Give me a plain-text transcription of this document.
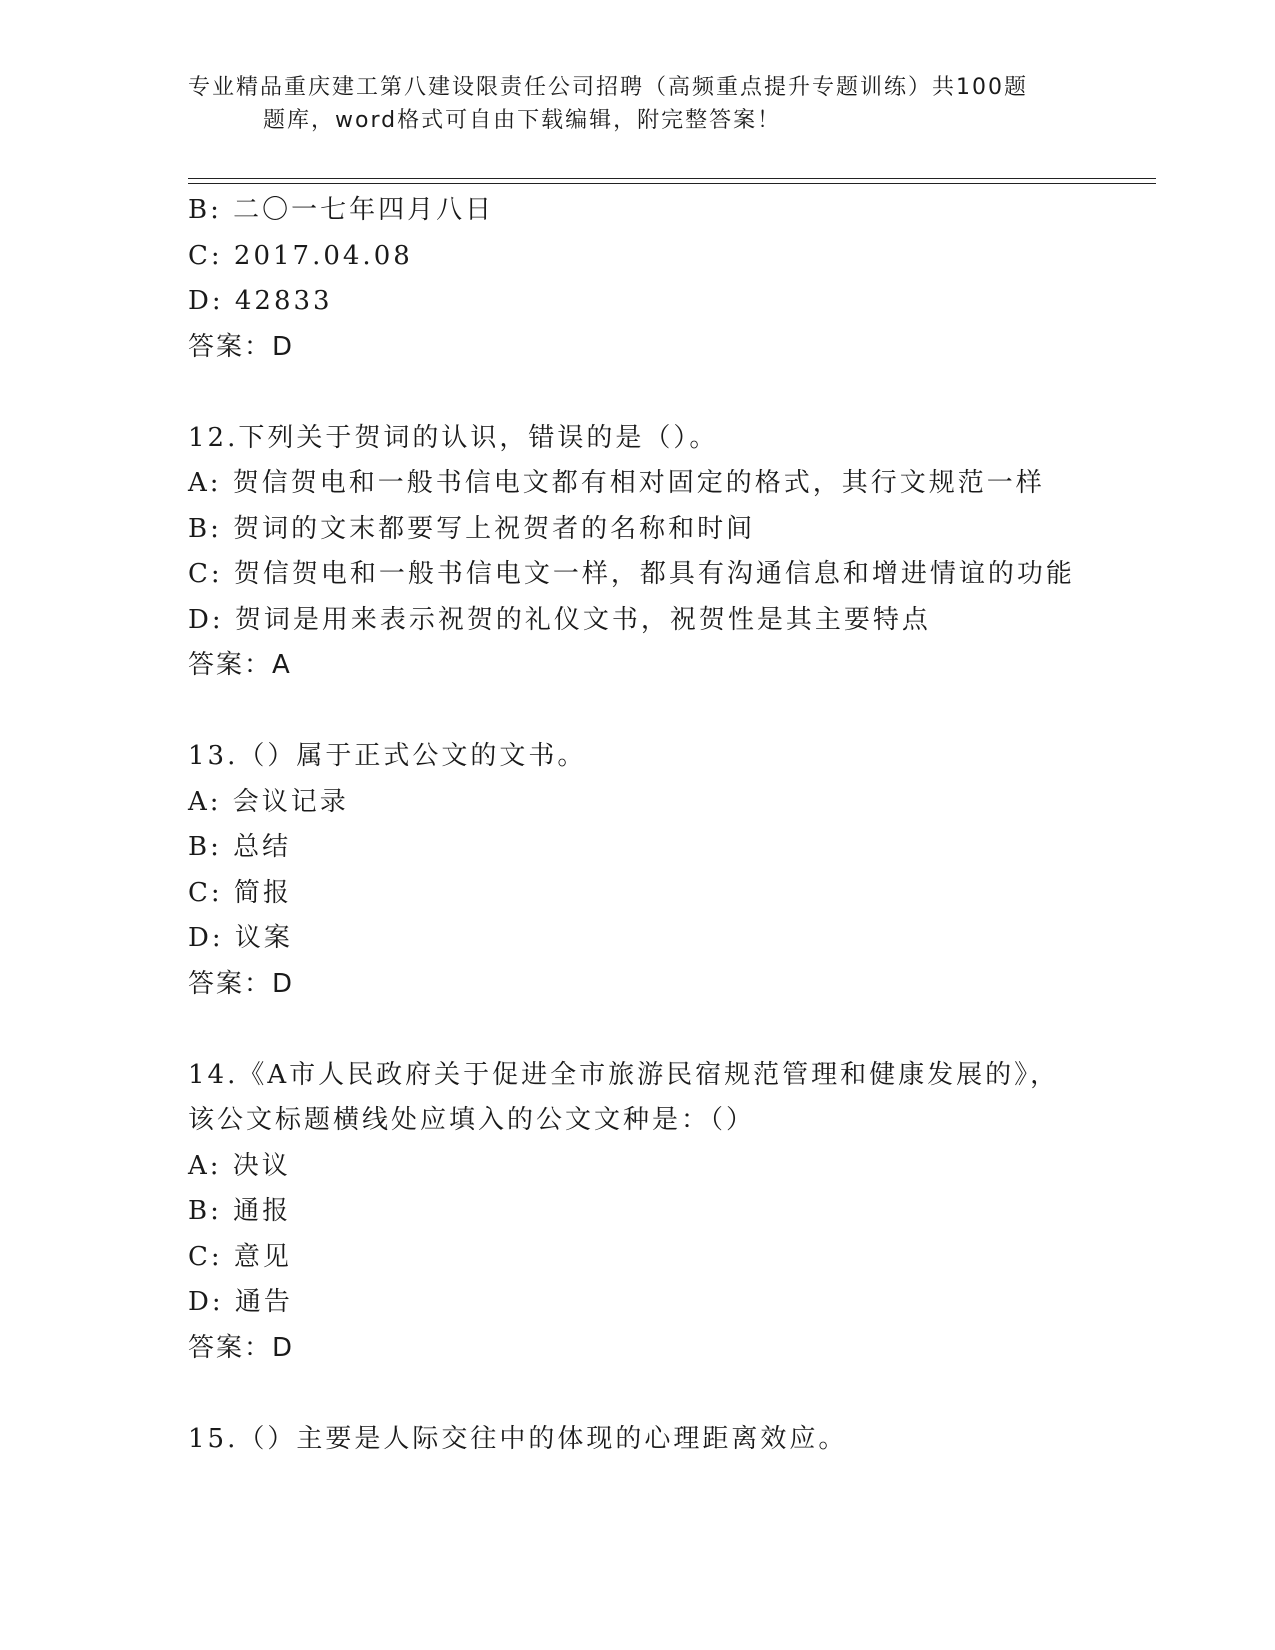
专业精品重庆建工第八建设限责任公司招聘（高频重点提升专题训练）共100题
题库，word格式可自由下载编辑，附完整答案！
B: 二〇一七年四月八日
C: 2017.04.08
D: 42833
答案：D
12.下列关于贺词的认识，错误的是（）。
A: 贺信贺电和一般书信电文都有相对固定的格式，其行文规范一样
B: 贺词的文末都要写上祝贺者的名称和时间
C: 贺信贺电和一般书信电文一样，都具有沟通信息和增进情谊的功能
D: 贺词是用来表示祝贺的礼仪文书，祝贺性是其主要特点
答案：A
13.（）属于正式公文的文书。
A: 会议记录
B: 总结
C: 简报
D: 议案
答案：D
14.《A市人民政府关于促进全市旅游民宿规范管理和健康发展的》，
该公文标题横线处应填入的公文文种是：（）
A: 决议
B: 通报
C: 意见
D: 通告
答案：D
15.（）主要是人际交往中的体现的心理距离效应。
